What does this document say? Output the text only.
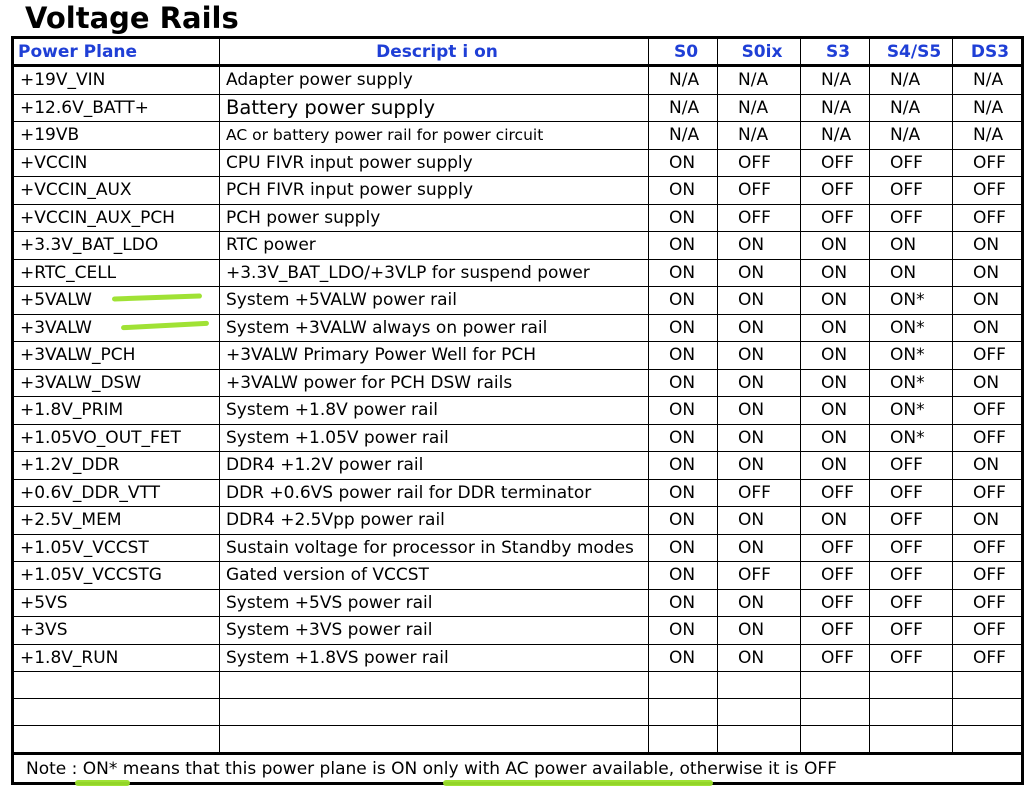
Voltage Rails
Power Plane	Descript i on	S0	S0ix	S3	S4/S5	DS3
+19V_VIN	Adapter power supply	N/A	N/A	N/A	N/A	N/A
+12.6V_BATT+	Battery power supply	N/A	N/A	N/A	N/A	N/A
+19VB	AC or battery power rail for power circuit	N/A	N/A	N/A	N/A	N/A
+VCCIN	CPU FIVR input power supply	ON	OFF	OFF	OFF	OFF
+VCCIN_AUX	PCH FIVR input power supply	ON	OFF	OFF	OFF	OFF
+VCCIN_AUX_PCH	PCH power supply	ON	OFF	OFF	OFF	OFF
+3.3V_BAT_LDO	RTC power	ON	ON	ON	ON	ON
+RTC_CELL	+3.3V_BAT_LDO/+3VLP for suspend power	ON	ON	ON	ON	ON
+5VALW	System +5VALW power rail	ON	ON	ON	ON*	ON
+3VALW	System +3VALW always on power rail	ON	ON	ON	ON*	ON
+3VALW_PCH	+3VALW Primary Power Well for PCH	ON	ON	ON	ON*	OFF
+3VALW_DSW	+3VALW power for PCH DSW rails	ON	ON	ON	ON*	ON
+1.8V_PRIM	System +1.8V power rail	ON	ON	ON	ON*	OFF
+1.05VO_OUT_FET	System +1.05V power rail	ON	ON	ON	ON*	OFF
+1.2V_DDR	DDR4 +1.2V power rail	ON	ON	ON	OFF	ON
+0.6V_DDR_VTT	DDR +0.6VS power rail for DDR terminator	ON	OFF	OFF	OFF	OFF
+2.5V_MEM	DDR4 +2.5Vpp power rail	ON	ON	ON	OFF	ON
+1.05V_VCCST	Sustain voltage for processor in Standby modes	ON	ON	OFF	OFF	OFF
+1.05V_VCCSTG	Gated version of VCCST	ON	OFF	OFF	OFF	OFF
+5VS	System +5VS power rail	ON	ON	OFF	OFF	OFF
+3VS	System +3VS power rail	ON	ON	OFF	OFF	OFF
+1.8V_RUN	System +1.8VS power rail	ON	ON	OFF	OFF	OFF

Note : ON* means that this power plane is ON only with AC power available, otherwise it is OFF						
